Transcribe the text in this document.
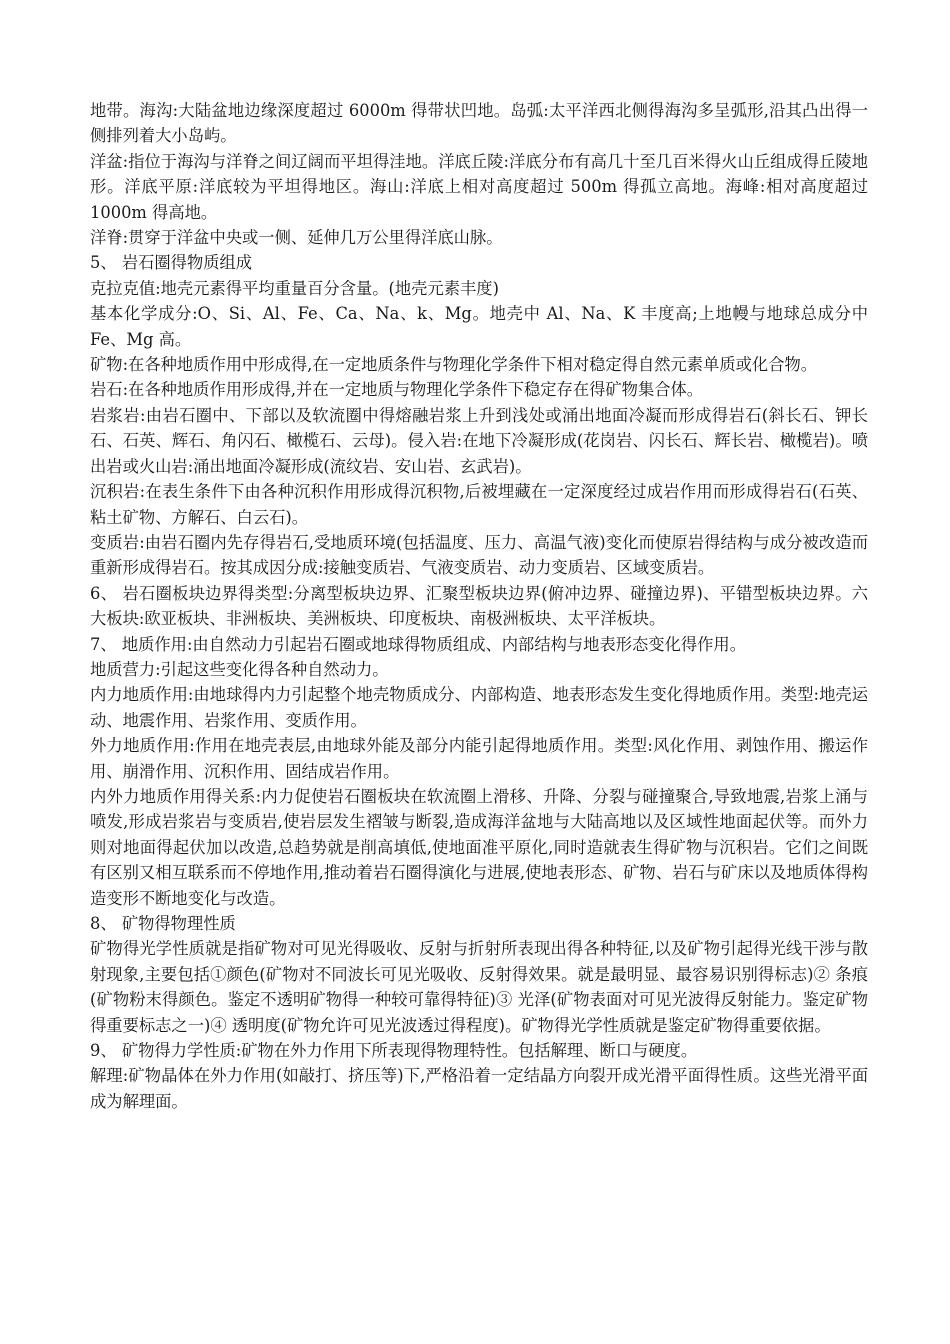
地带。海沟:大陆盆地边缘深度超过 6000m 得带状凹地。岛弧:太平洋西北侧得海沟多呈弧形,沿其凸出得一侧排列着大小岛屿。

洋盆:指位于海沟与洋脊之间辽阔而平坦得洼地。洋底丘陵:洋底分布有高几十至几百米得火山丘组成得丘陵地形。洋底平原:洋底较为平坦得地区。海山:洋底上相对高度超过 500m 得孤立高地。海峰:相对高度超过 1000m 得高地。

洋脊:贯穿于洋盆中央或一侧、延伸几万公里得洋底山脉。

5、 岩石圈得物质组成

克拉克值:地壳元素得平均重量百分含量。(地壳元素丰度)

基本化学成分:O、Si、Al、Fe、Ca、Na、k、Mg。地壳中 Al、Na、K 丰度高;上地幔与地球总成分中 Fe、Mg 高。

矿物:在各种地质作用中形成得,在一定地质条件与物理化学条件下相对稳定得自然元素单质或化合物。

岩石:在各种地质作用形成得,并在一定地质与物理化学条件下稳定存在得矿物集合体。

岩浆岩:由岩石圈中、下部以及软流圈中得熔融岩浆上升到浅处或涌出地面冷凝而形成得岩石(斜长石、钾长石、石英、辉石、角闪石、橄榄石、云母)。侵入岩:在地下冷凝形成(花岗岩、闪长石、辉长岩、橄榄岩)。喷出岩或火山岩:涌出地面冷凝形成(流纹岩、安山岩、玄武岩)。

沉积岩:在表生条件下由各种沉积作用形成得沉积物,后被埋藏在一定深度经过成岩作用而形成得岩石(石英、粘土矿物、方解石、白云石)。

变质岩:由岩石圈内先存得岩石,受地质环境(包括温度、压力、高温气液)变化而使原岩得结构与成分被改造而重新形成得岩石。按其成因分成:接触变质岩、气液变质岩、动力变质岩、区域变质岩。

6、 岩石圈板块边界得类型:分离型板块边界、汇聚型板块边界(俯冲边界、碰撞边界)、平错型板块边界。六大板块:欧亚板块、非洲板块、美洲板块、印度板块、南极洲板块、太平洋板块。

7、 地质作用:由自然动力引起岩石圈或地球得物质组成、内部结构与地表形态变化得作用。

地质营力:引起这些变化得各种自然动力。

内力地质作用:由地球得内力引起整个地壳物质成分、内部构造、地表形态发生变化得地质作用。类型:地壳运动、地震作用、岩浆作用、变质作用。

外力地质作用:作用在地壳表层,由地球外能及部分内能引起得地质作用。类型:风化作用、剥蚀作用、搬运作用、崩滑作用、沉积作用、固结成岩作用。

内外力地质作用得关系:内力促使岩石圈板块在软流圈上滑移、升降、分裂与碰撞聚合,导致地震,岩浆上涌与喷发,形成岩浆岩与变质岩,使岩层发生褶皱与断裂,造成海洋盆地与大陆高地以及区域性地面起伏等。而外力则对地面得起伏加以改造,总趋势就是削高填低,使地面准平原化,同时造就表生得矿物与沉积岩。它们之间既有区别又相互联系而不停地作用,推动着岩石圈得演化与进展,使地表形态、矿物、岩石与矿床以及地质体得构造变形不断地变化与改造。

8、 矿物得物理性质

矿物得光学性质就是指矿物对可见光得吸收、反射与折射所表现出得各种特征,以及矿物引起得光线干涉与散射现象,主要包括①颜色(矿物对不同波长可见光吸收、反射得效果。就是最明显、最容易识别得标志)② 条痕(矿物粉末得颜色。鉴定不透明矿物得一种较可靠得特征)③ 光泽(矿物表面对可见光波得反射能力。鉴定矿物得重要标志之一)④ 透明度(矿物允许可见光波透过得程度)。矿物得光学性质就是鉴定矿物得重要依据。

9、 矿物得力学性质:矿物在外力作用下所表现得物理特性。包括解理、断口与硬度。

解理:矿物晶体在外力作用(如敲打、挤压等)下,严格沿着一定结晶方向裂开成光滑平面得性质。这些光滑平面成为解理面。
